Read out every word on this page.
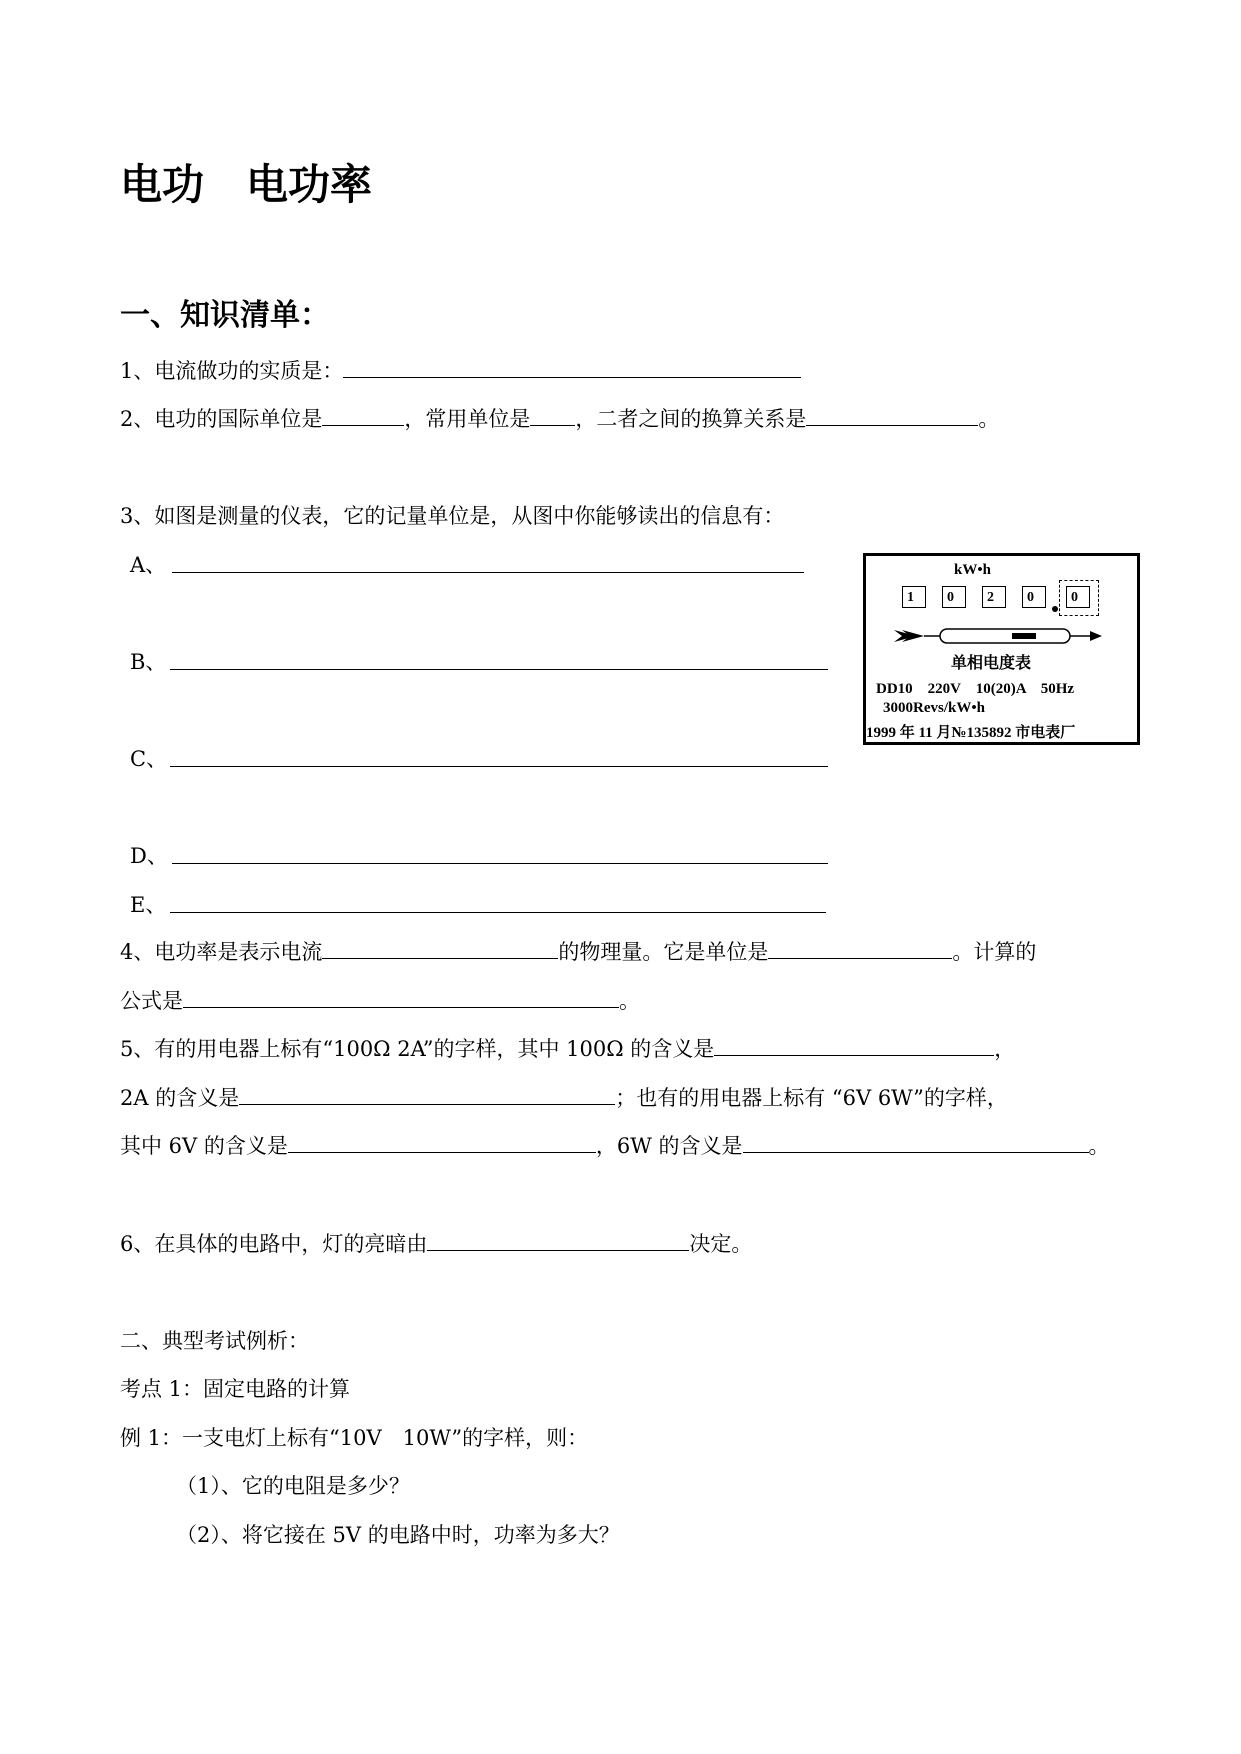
电功　电功率
一、知识清单：
1、电流做功的实质是：
2、电功的国际单位是	，常用单位是 ，二者之间的换算关系是	。
3、如图是测量的仪表，它的记量单位是，从图中你能够读出的信息有：
A、
B、
C、
D、
E、
kW•h
1	0	2	0	0
单相电度表
DD10　220V　10(20)A　50Hz
3000Revs/kW•h
1999 年 11 月№135892 市电表厂
4、电功率是表示电流	的物理量。它是单位是	。计算的
公式是	。
5、有的用电器上标有“100Ω 2A”的字样，其中 100Ω 的含义是	，
2A 的含义是	；也有的用电器上标有 “6V 6W”的字样，
其中 6V 的含义是	，6W 的含义是	。
6、在具体的电路中，灯的亮暗由	决定。
二、典型考试例析：
考点 1：固定电路的计算
例 1：一支电灯上标有“10V　10W”的字样，则：
（1）、它的电阻是多少？
（2）、将它接在 5V 的电路中时，功率为多大？
